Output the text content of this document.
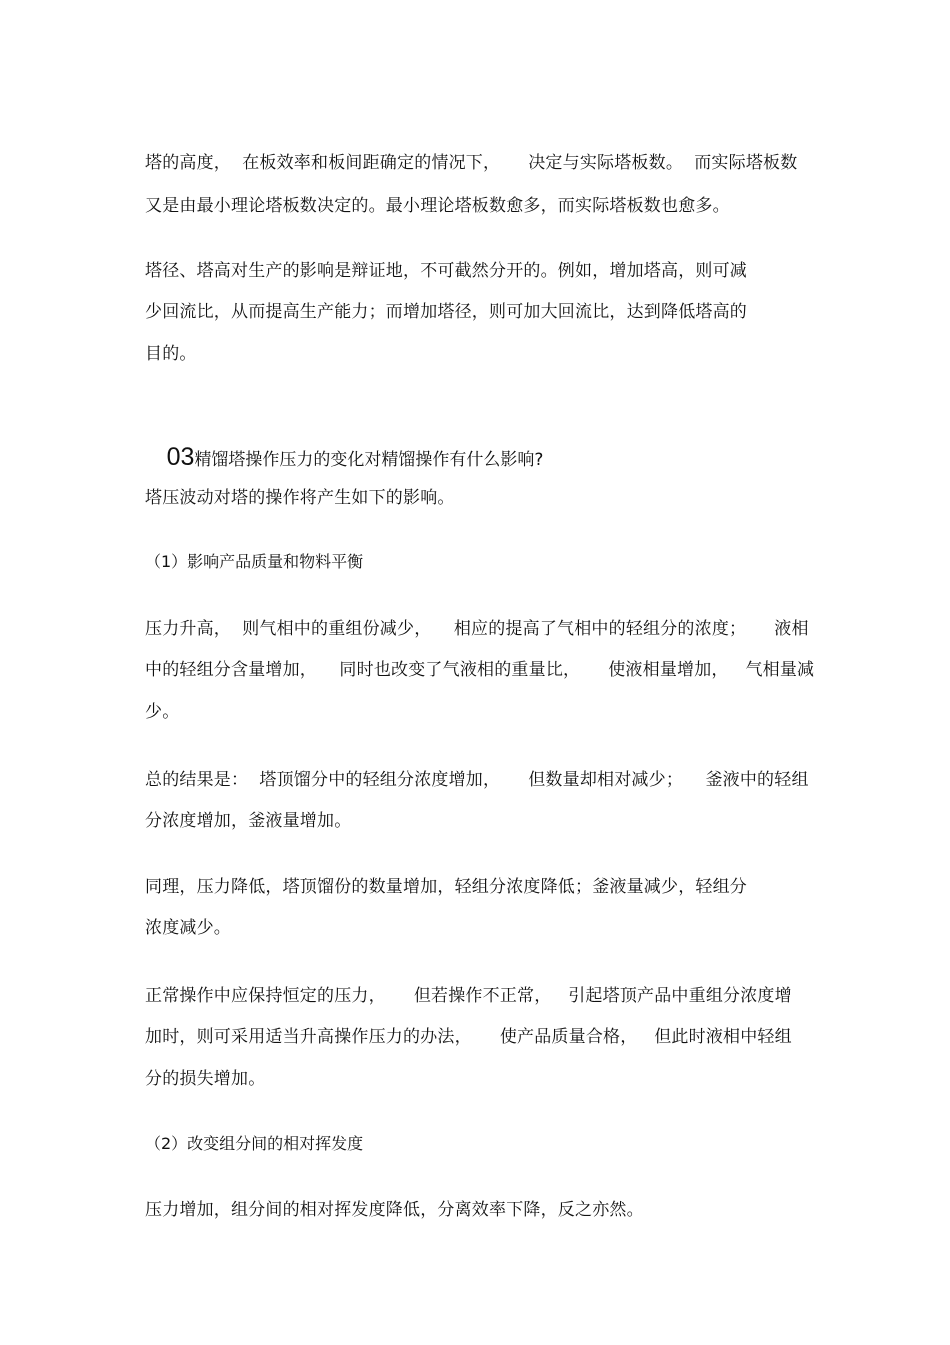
塔的高度，  在板效率和板间距确定的情况下，     决定与实际塔板数。  而实际塔板数
又是由最小理论塔板数决定的。最小理论塔板数愈多，而实际塔板数也愈多。
塔径、塔高对生产的影响是辩证地，不可截然分开的。例如，增加塔高，则可减
少回流比，从而提高生产能力；而增加塔径，则可加大回流比，达到降低塔高的
目的。

03精馏塔操作压力的变化对精馏操作有什么影响?

塔压波动对塔的操作将产生如下的影响。
（1）影响产品质量和物料平衡
压力升高，  则气相中的重组份减少，    相应的提高了气相中的轻组分的浓度；     液相
中的轻组分含量增加，    同时也改变了气液相的重量比，     使液相量增加，   气相量减
少。
总的结果是：  塔顶馏分中的轻组分浓度增加，     但数量却相对减少；    釜液中的轻组
分浓度增加，釜液量增加。
同理，压力降低，塔顶馏份的数量增加，轻组分浓度降低；釜液量减少，轻组分
浓度减少。
正常操作中应保持恒定的压力，     但若操作不正常，   引起塔顶产品中重组分浓度增
加时，则可采用适当升高操作压力的办法，     使产品质量合格，   但此时液相中轻组
分的损失增加。
（2）改变组分间的相对挥发度
压力增加，组分间的相对挥发度降低，分离效率下降，反之亦然。
